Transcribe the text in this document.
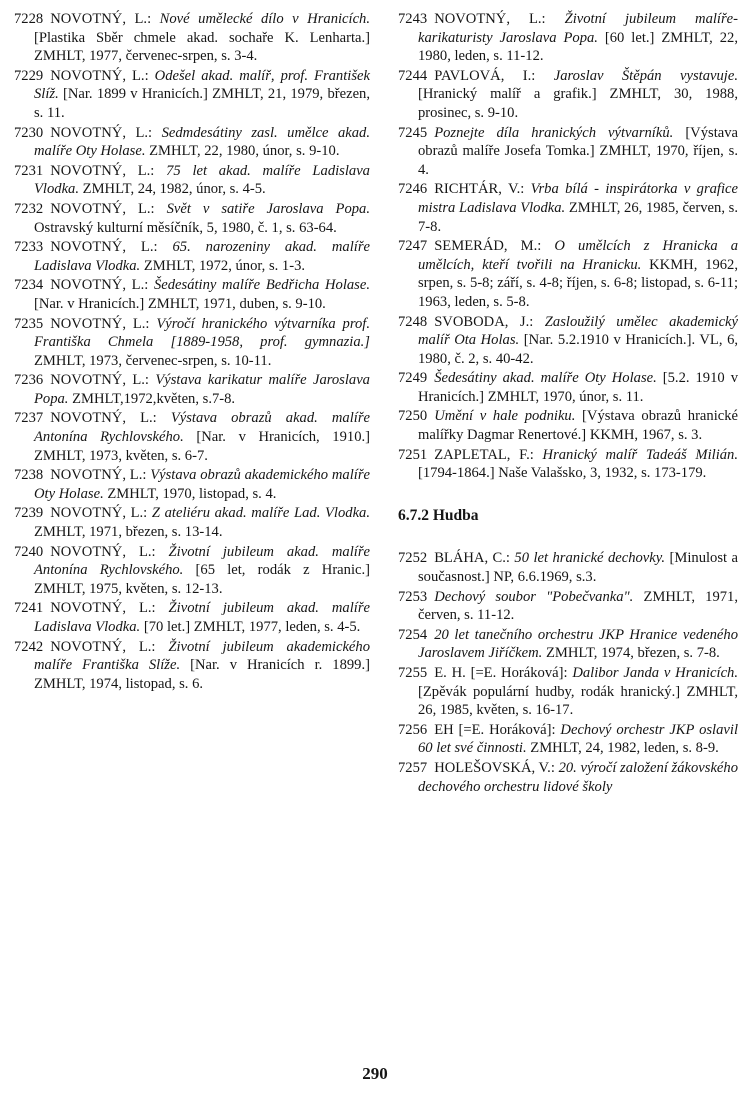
7228 NOVOTNÝ, L.: Nové umělecké dílo v Hranicích. [Plastika Sběr chmele akad. sochaře K. Lenharta.] ZMHLT, 1977, červenec-srpen, s. 3-4.
7229 NOVOTNÝ, L.: Odešel akad. malíř, prof. František Slíž. [Nar. 1899 v Hranicích.] ZMHLT, 21, 1979, březen, s. 11.
7230 NOVOTNÝ, L.: Sedmdesátiny zasl. umělce akad. malíře Oty Holase. ZMHLT, 22, 1980, únor, s. 9-10.
7231 NOVOTNÝ, L.: 75 let akad. malíře Ladislava Vlodka. ZMHLT, 24, 1982, únor, s. 4-5.
7232 NOVOTNÝ, L.: Svět v satiře Jaroslava Popa. Ostravský kulturní měsíčník, 5, 1980, č. 1, s. 63-64.
7233 NOVOTNÝ, L.: 65. narozeniny akad. malíře Ladislava Vlodka. ZMHLT, 1972, únor, s. 1-3.
7234 NOVOTNÝ, L.: Šedesátiny malíře Bedřicha Holase. [Nar. v Hranicích.] ZMHLT, 1971, duben, s. 9-10.
7235 NOVOTNÝ, L.: Výročí hranického výtvarníka prof. Františka Chmela [1889-1958, prof. gymnazia.] ZMHLT, 1973, červenec-srpen, s. 10-11.
7236 NOVOTNÝ, L.: Výstava karikatur malíře Jaroslava Popa. ZMHLT,1972,květen, s.7-8.
7237 NOVOTNÝ, L.: Výstava obrazů akad. malíře Antonína Rychlovského. [Nar. v Hranicích, 1910.] ZMHLT, 1973, květen, s. 6-7.
7238 NOVOTNÝ, L.: Výstava obrazů akademického malíře Oty Holase. ZMHLT, 1970, listopad, s. 4.
7239 NOVOTNÝ, L.: Z ateliéru akad. malíře Lad. Vlodka. ZMHLT, 1971, březen, s. 13-14.
7240 NOVOTNÝ, L.: Životní jubileum akad. malíře Antonína Rychlovského. [65 let, rodák z Hranic.] ZMHLT, 1975, květen, s. 12-13.
7241 NOVOTNÝ, L.: Životní jubileum akad. malíře Ladislava Vlodka. [70 let.] ZMHLT, 1977, leden, s. 4-5.
7242 NOVOTNÝ, L.: Životní jubileum akademického malíře Františka Slíže. [Nar. v Hranicích r. 1899.] ZMHLT, 1974, listopad, s. 6.
7243 NOVOTNÝ, L.: Životní jubileum malíře-karikaturisty Jaroslava Popa. [60 let.] ZMHLT, 22, 1980, leden, s. 11-12.
7244 PAVLOVÁ, I.: Jaroslav Štěpán vystavuje. [Hranický malíř a grafik.] ZMHLT, 30, 1988, prosinec, s. 9-10.
7245 Poznejte díla hranických výtvarníků. [Výstava obrazů malíře Josefa Tomka.] ZMHLT, 1970, říjen, s. 4.
7246 RICHTÁR, V.: Vrba bílá - inspirátorka v grafice mistra Ladislava Vlodka. ZMHLT, 26, 1985, červen, s. 7-8.
7247 SEMERÁD, M.: O umělcích z Hranicka a umělcích, kteří tvořili na Hranicku. KKMH, 1962, srpen, s. 5-8; září, s. 4-8; říjen, s. 6-8; listopad, s. 6-11; 1963, leden, s. 5-8.
7248 SVOBODA, J.: Zasloužilý umělec akademický malíř Ota Holas. [Nar. 5.2.1910 v Hranicích.]. VL, 6, 1980, č. 2, s. 40-42.
7249 Šedesátiny akad. malíře Oty Holase. [5.2. 1910 v Hranicích.] ZMHLT, 1970, únor, s. 11.
7250 Umění v hale podniku. [Výstava obrazů hranické malířky Dagmar Renertové.] KKMH, 1967, s. 3.
7251 ZAPLETAL, F.: Hranický malíř Tadeáš Milián. [1794-1864.] Naše Valašsko, 3, 1932, s. 173-179.
6.7.2 Hudba
7252 BLÁHA, C.: 50 let hranické dechovky. [Minulost a současnost.] NP, 6.6.1969, s.3.
7253 Dechový soubor "Pobečvanka". ZMHLT, 1971, červen, s. 11-12.
7254 20 let tanečního orchestru JKP Hranice vedeného Jaroslavem Jiříčkem. ZMHLT, 1974, březen, s. 7-8.
7255 E. H. [=E. Horáková]: Dalibor Janda v Hranicích. [Zpěvák populární hudby, rodák hranický.] ZMHLT, 26, 1985, květen, s. 16-17.
7256 EH [=E. Horáková]: Dechový orchestr JKP oslavil 60 let své činnosti. ZMHLT, 24, 1982, leden, s. 8-9.
7257 HOLEŠOVSKÁ, V.: 20. výročí založení žákovského dechového orchestru lidové školy
290
